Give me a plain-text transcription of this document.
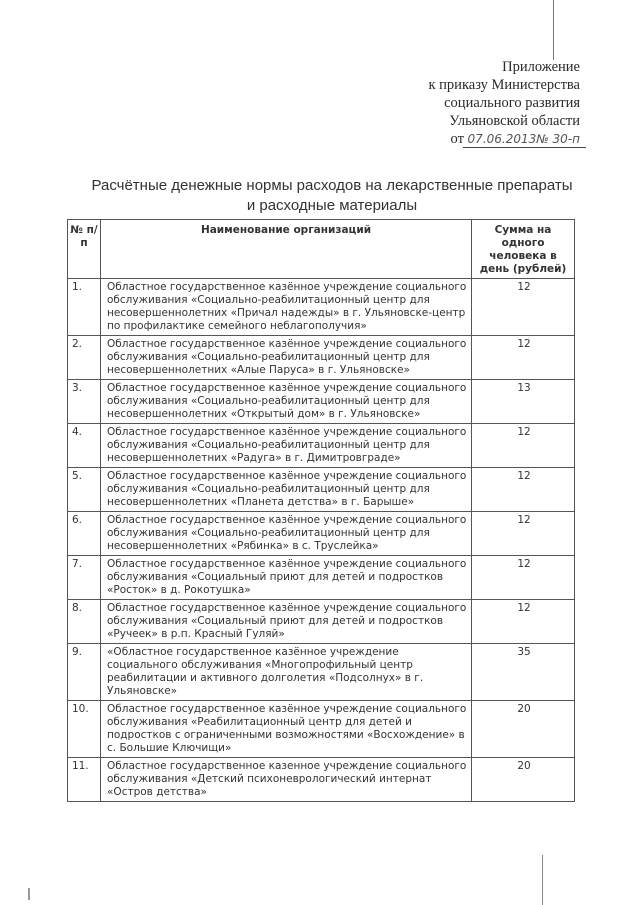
Приложение
к приказу Министерства
социального развития
Ульяновской области
от 07.06.2013№ 30-п
Расчётные денежные нормы расходов на лекарственные препараты
и расходные материалы
№ п/п	Наименование организаций	Сумма на одного человека в день (рублей)
1.	Областное государственное казённое учреждение социального обслуживания «Социально-реабилитационный центр для несовершеннолетних «Причал надежды» в г. Ульяновске-центр по профилактике семейного неблагополучия»	12
2.	Областное государственное казённое учреждение социального обслуживания «Социально-реабилитационный центр для несовершеннолетних «Алые Паруса» в г. Ульяновске»	12
3.	Областное государственное казённое учреждение социального обслуживания «Социально-реабилитационный центр для несовершеннолетних «Открытый дом» в г. Ульяновске»	13
4.	Областное государственное казённое учреждение социального обслуживания «Социально-реабилитационный центр для несовершеннолетних «Радуга» в г. Димитровграде»	12
5.	Областное государственное казённое учреждение социального обслуживания «Социально-реабилитационный центр для несовершеннолетних «Планета детства» в г. Барыше»	12
6.	Областное государственное казённое учреждение социального обслуживания «Социально-реабилитационный центр для несовершеннолетних «Рябинка» в с. Труслейка»	12
7.	Областное государственное казённое учреждение социального обслуживания «Социальный приют для детей и подростков «Росток» в д. Рокотушка»	12
8.	Областное государственное казённое учреждение социального обслуживания «Социальный приют для детей и подростков «Ручеек» в р.п. Красный Гуляй»	12
9.	«Областное государственное казённое учреждение социального обслуживания «Многопрофильный центр реабилитации и активного долголетия «Подсолнух» в г. Ульяновске»	35
10.	Областное государственное казённое учреждение социального обслуживания «Реабилитационный центр для детей и подростков с ограниченными возможностями «Восхождение» в с. Большие Ключищи»	20
11.	Областное государственное казенное учреждение социального обслуживания «Детский психоневрологический интернат «Остров детства»	20
